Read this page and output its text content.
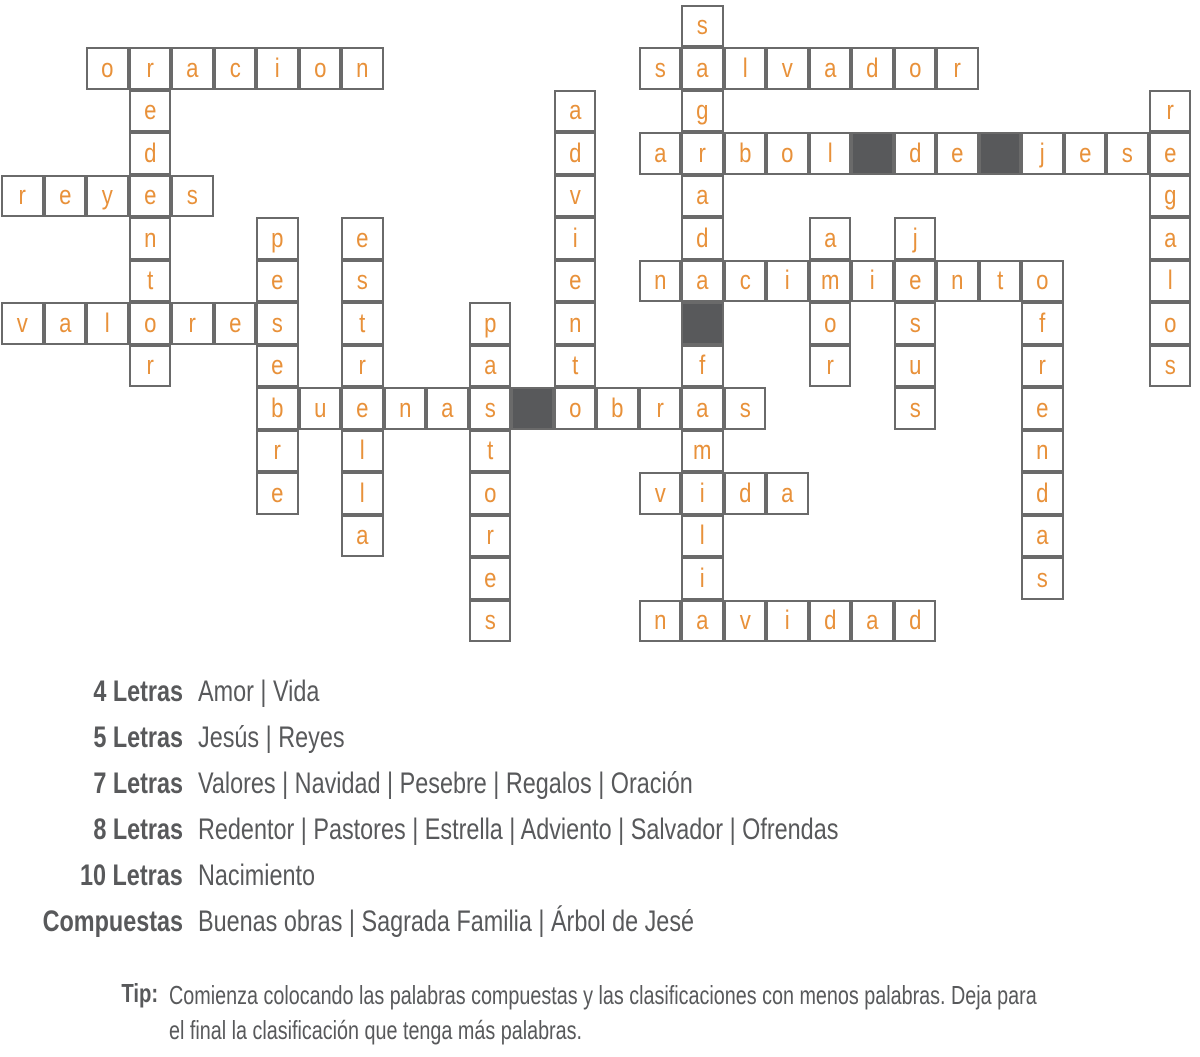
o	r	a	c	i	o	n
e
d
e
n
t
o
r
r	e	y	s
v	a	l	r	e	s
p
e
e
b
r
e
e
s
t
r
e
l
l
a
u	n	a	s	o	b	r	a	s
p
a
t
o
r
e
s
a
d
v
i
e
n
t
s
a
g
r
a
d
a
f
m
i
l
i
a
s	l	v	a	d	o	r
a	b	o	l	d	e	j	e	s	e
n	c	i	m	i	e	n	t	o
a
o
r
j
s
u
s
f
r
e
n
d
a
s
r
g
a
l
o
s
v	d	a
n	v	i	d	a	d
4 Letras Amor | Vida
5 Letras Jesús | Reyes
7 Letras Valores | Navidad | Pesebre | Regalos | Oración
8 Letras Redentor | Pastores | Estrella | Adviento | Salvador | Ofrendas
10 Letras Nacimiento
Compuestas Buenas obras | Sagrada Familia | Árbol de Jesé
Tip: Comienza colocando las palabras compuestas y las clasificaciones con menos palabras. Deja para el final la clasificación que tenga más palabras.
